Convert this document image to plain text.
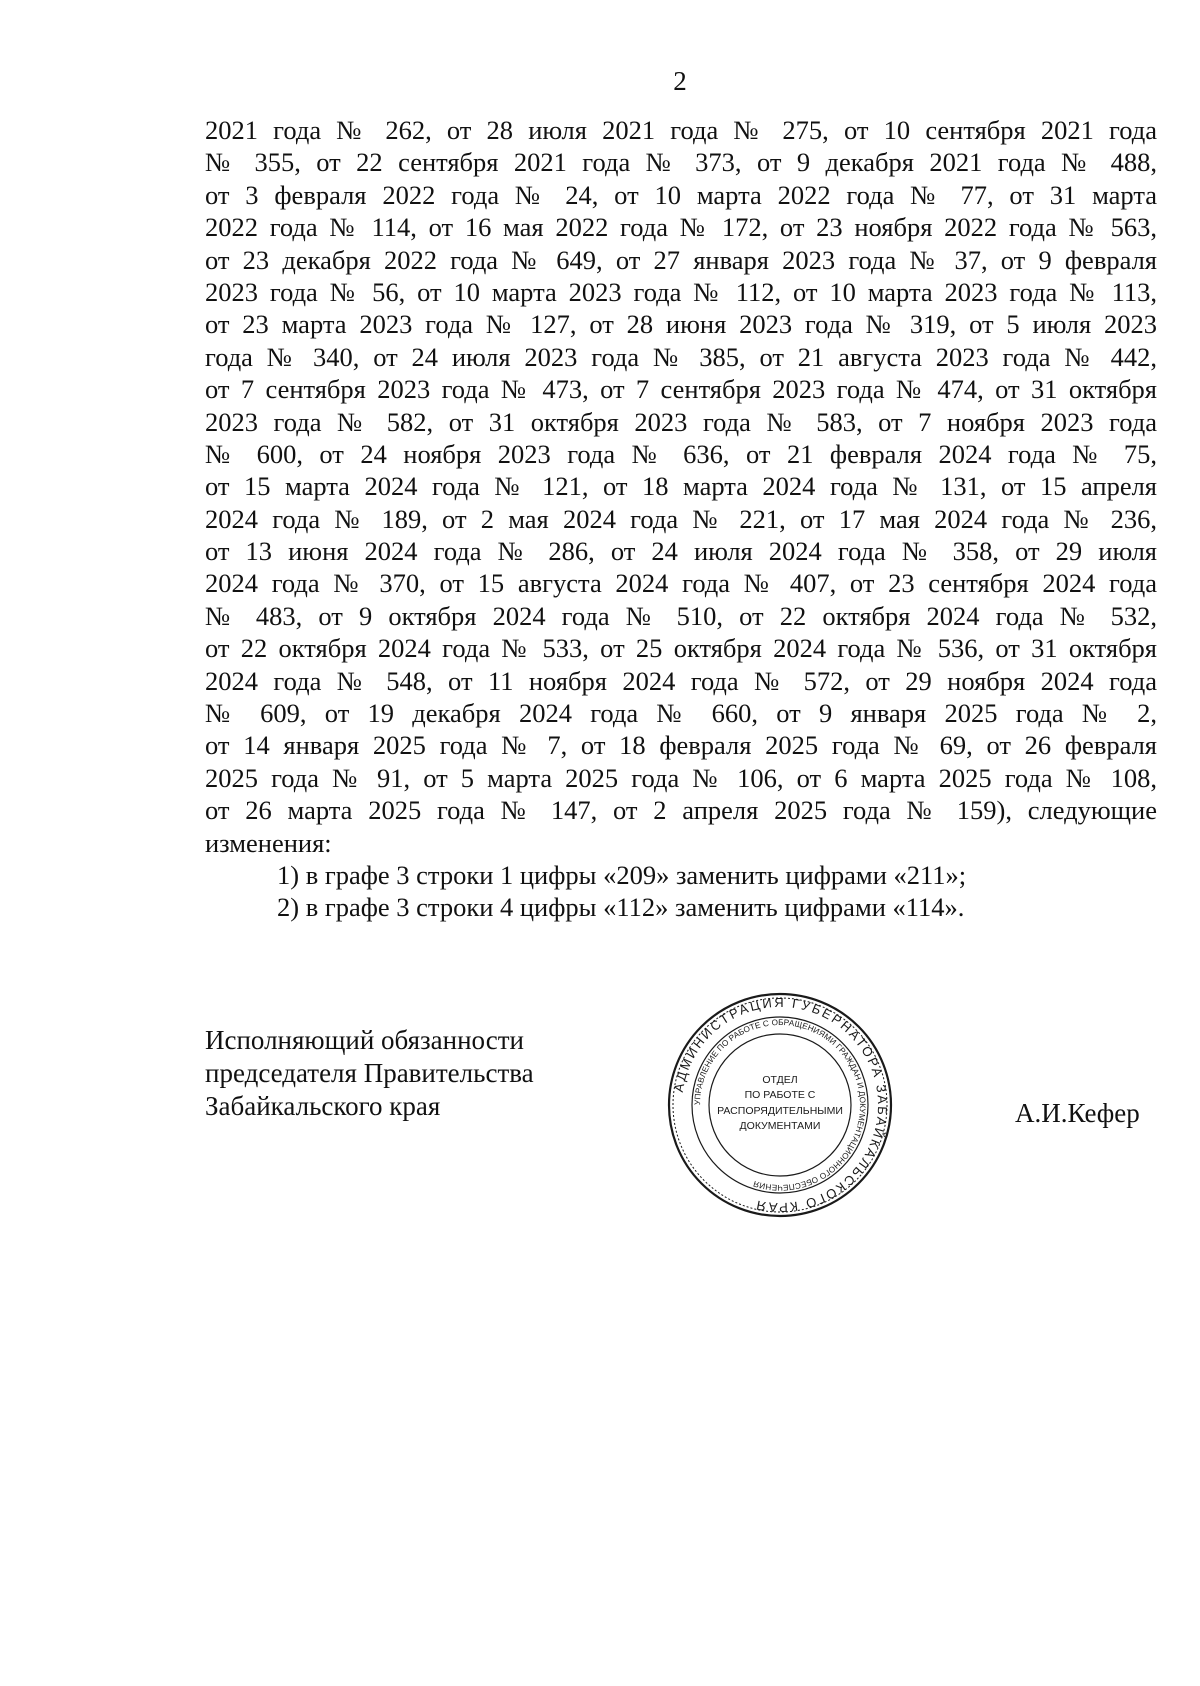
2
2021 года № 262, от 28 июля 2021 года № 275, от 10 сентября 2021 года
№ 355, от 22 сентября 2021 года № 373, от 9 декабря 2021 года № 488,
от 3 февраля 2022 года № 24, от 10 марта 2022 года № 77, от 31 марта
2022 года № 114, от 16 мая 2022 года № 172, от 23 ноября 2022 года № 563,
от 23 декабря 2022 года № 649, от 27 января 2023 года № 37, от 9 февраля
2023 года № 56, от 10 марта 2023 года № 112, от 10 марта 2023 года № 113,
от 23 марта 2023 года № 127, от 28 июня 2023 года № 319, от 5 июля 2023
года № 340, от 24 июля 2023 года № 385, от 21 августа 2023 года № 442,
от 7 сентября 2023 года № 473, от 7 сентября 2023 года № 474, от 31 октября
2023 года № 582, от 31 октября 2023 года № 583, от 7 ноября 2023 года
№ 600, от 24 ноября 2023 года № 636, от 21 февраля 2024 года № 75,
от 15 марта 2024 года № 121, от 18 марта 2024 года № 131, от 15 апреля
2024 года № 189, от 2 мая 2024 года № 221, от 17 мая 2024 года № 236,
от 13 июня 2024 года № 286, от 24 июля 2024 года № 358, от 29 июля
2024 года № 370, от 15 августа 2024 года № 407, от 23 сентября 2024 года
№ 483, от 9 октября 2024 года № 510, от 22 октября 2024 года № 532,
от 22 октября 2024 года № 533, от 25 октября 2024 года № 536, от 31 октября
2024 года № 548, от 11 ноября 2024 года № 572, от 29 ноября 2024 года
№ 609, от 19 декабря 2024 года № 660, от 9 января 2025 года № 2,
от 14 января 2025 года № 7, от 18 февраля 2025 года № 69, от 26 февраля
2025 года № 91, от 5 марта 2025 года № 106, от 6 марта 2025 года № 108,
от 26 марта 2025 года № 147, от 2 апреля 2025 года № 159), следующие
изменения:
1) в графе 3 строки 1 цифры «209» заменить цифрами «211»;
2) в графе 3 строки 4 цифры «112» заменить цифрами «114».
Исполняющий обязанности
председателя Правительства
Забайкальского края
АДМИНИСТРАЦИЯ ГУБЕРНАТОРА ЗАБАЙКАЛЬСКОГО КРАЯ
УПРАВЛЕНИЕ ПО РАБОТЕ С ОБРАЩЕНИЯМИ ГРАЖДАН И ДОКУМЕНТАЦИОННОГО ОБЕСПЕЧЕНИЯ
ОТДЕЛ
ПО РАБОТЕ С
РАСПОРЯДИТЕЛЬНЫМИ
ДОКУМЕНТАМИ	А.И.Кефер
